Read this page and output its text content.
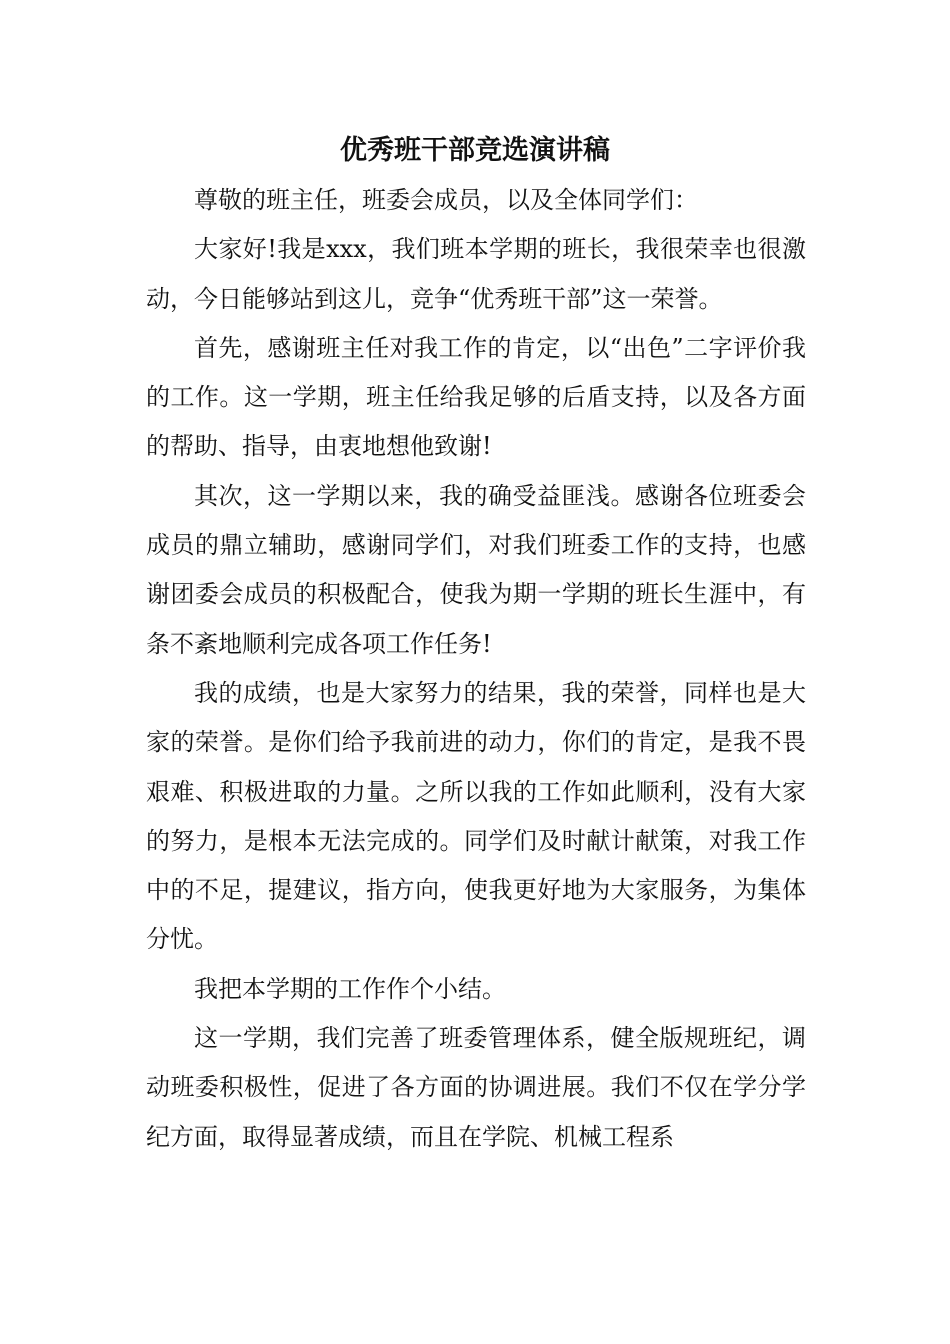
优秀班干部竞选演讲稿

尊敬的班主任，班委会成员，以及全体同学们：

大家好!我是xxx，我们班本学期的班长，我很荣幸也很激动，今日能够站到这儿，竞争“优秀班干部”这一荣誉。

首先，感谢班主任对我工作的肯定，以“出色”二字评价我的工作。这一学期，班主任给我足够的后盾支持，以及各方面的帮助、指导，由衷地想他致谢!

其次，这一学期以来，我的确受益匪浅。感谢各位班委会成员的鼎立辅助，感谢同学们，对我们班委工作的支持，也感谢团委会成员的积极配合，使我为期一学期的班长生涯中，有条不紊地顺利完成各项工作任务!

我的成绩，也是大家努力的结果，我的荣誉，同样也是大家的荣誉。是你们给予我前进的动力，你们的肯定，是我不畏艰难、积极进取的力量。之所以我的工作如此顺利，没有大家的努力，是根本无法完成的。同学们及时献计献策，对我工作中的不足，提建议，指方向，使我更好地为大家服务，为集体分忧。

我把本学期的工作作个小结。

这一学期，我们完善了班委管理体系，健全版规班纪，调动班委积极性，促进了各方面的协调进展。我们不仅在学分学纪方面，取得显著成绩，而且在学院、机械工程系
